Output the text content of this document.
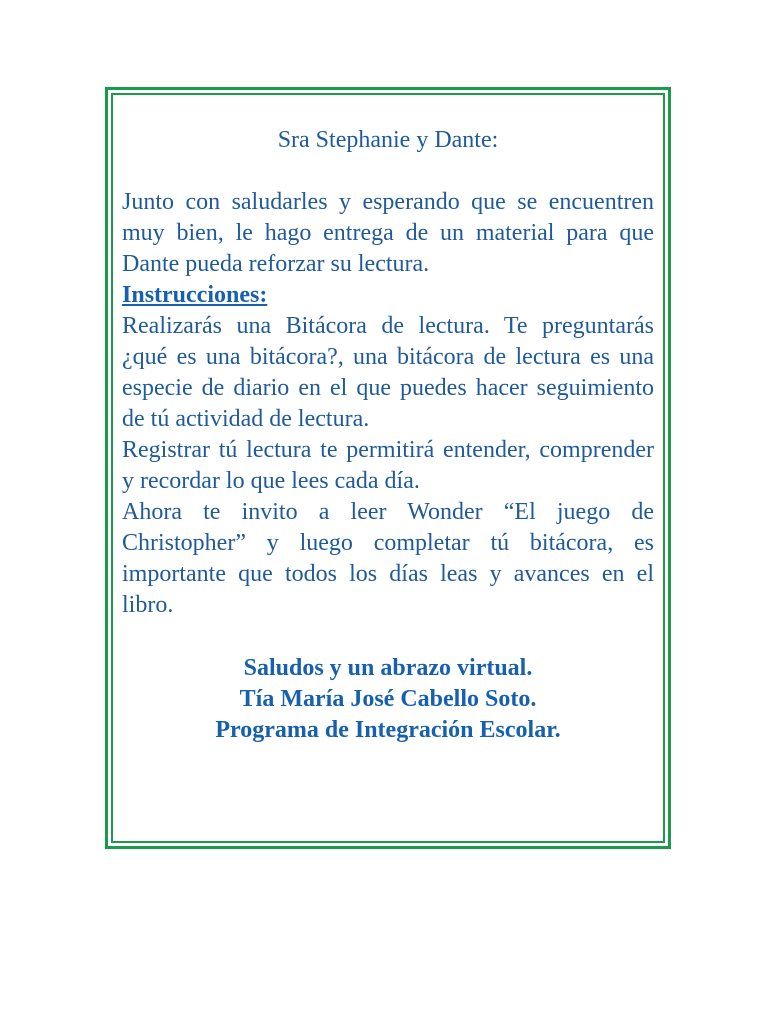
Sra Stephanie y Dante:

Junto con saludarles y esperando que se encuentren muy bien, le hago entrega de un material para que Dante pueda reforzar su lectura.

Instrucciones:

Realizarás una Bitácora de lectura. Te preguntarás ¿qué es una bitácora?, una bitácora de lectura es una especie de diario en el que puedes hacer seguimiento de tú actividad de lectura.

Registrar tú lectura te permitirá entender, comprender y recordar lo que lees cada día.

Ahora te invito a leer Wonder “El juego de Christopher” y luego completar tú bitácora, es importante que todos los días leas y avances en el libro.

Saludos y un abrazo virtual.
Tía María José Cabello Soto.
Programa de Integración Escolar.
